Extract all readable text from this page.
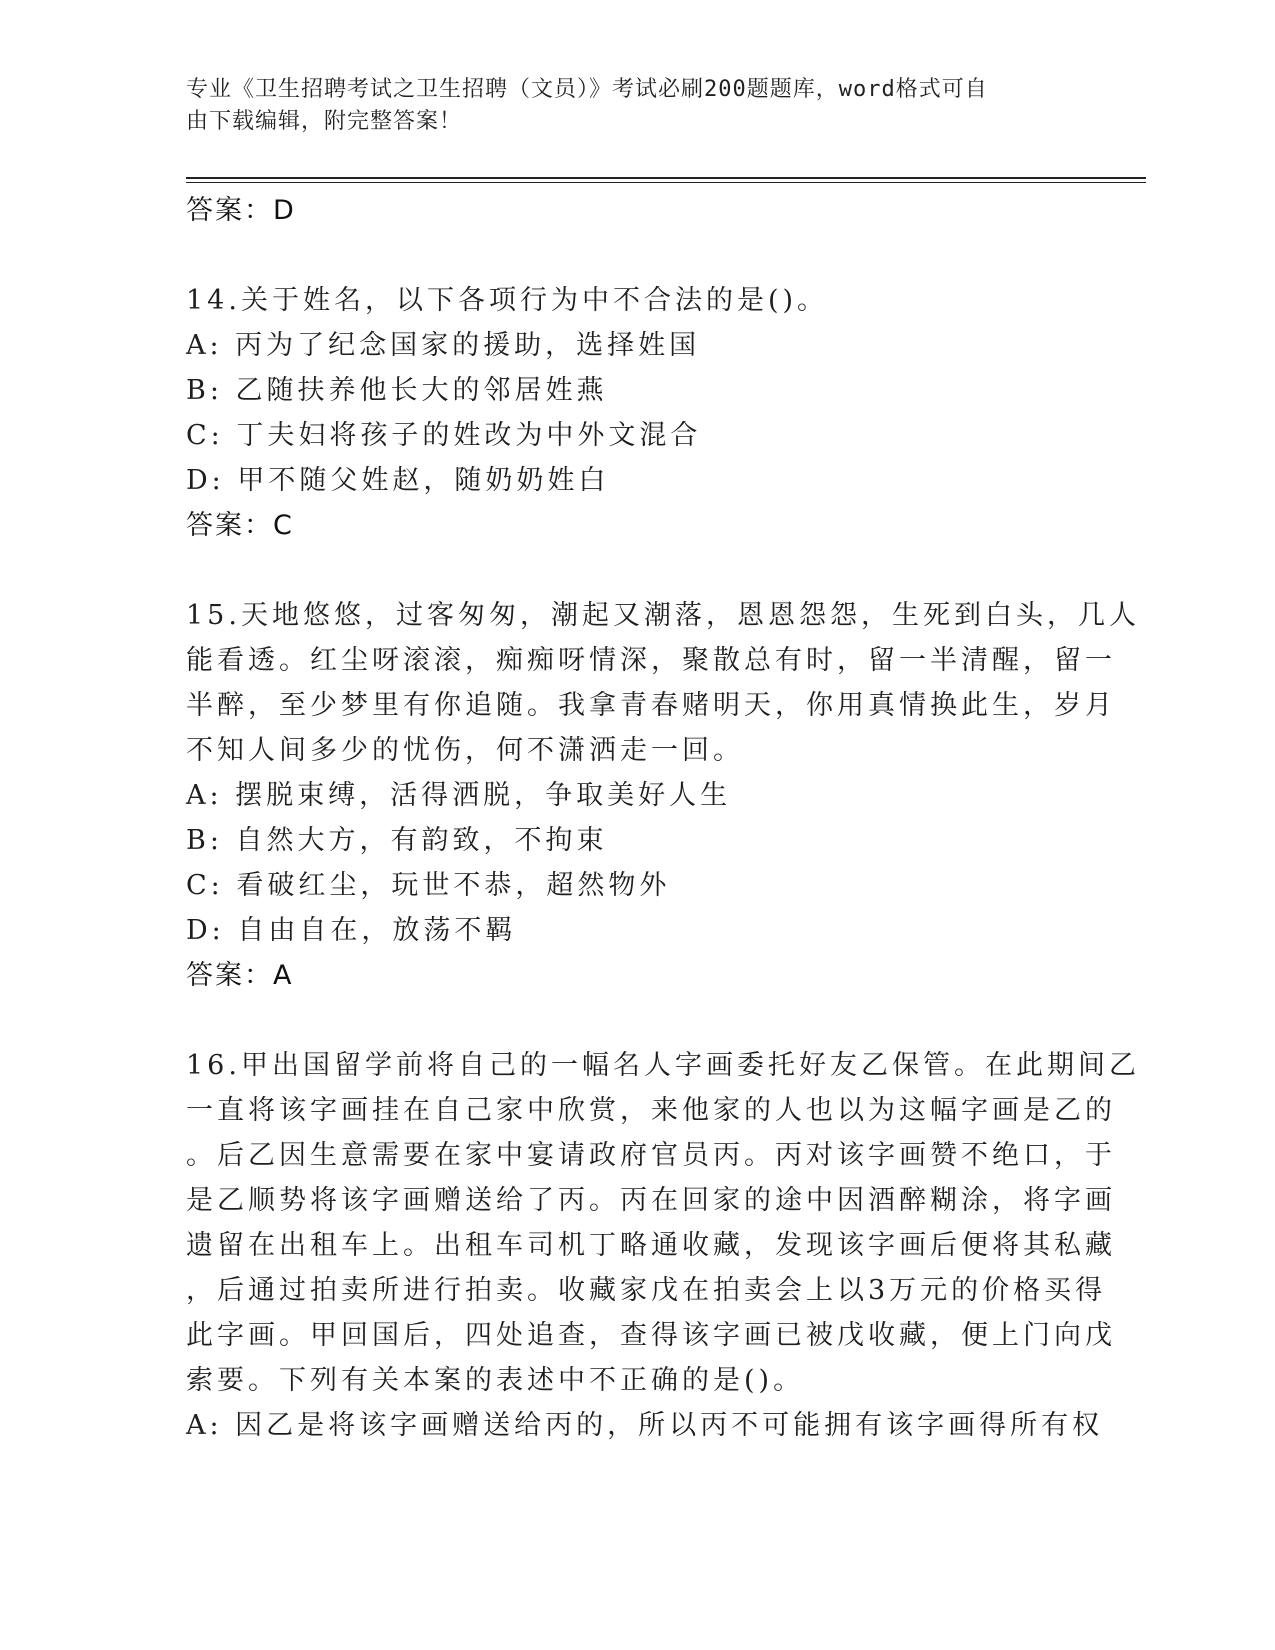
专业《卫生招聘考试之卫生招聘（文员）》考试必刷200题题库，word格式可自
由下载编辑，附完整答案！
答案：D
14.关于姓名，以下各项行为中不合法的是()。
A: 丙为了纪念国家的援助，选择姓国
B: 乙随扶养他长大的邻居姓燕
C: 丁夫妇将孩子的姓改为中外文混合
D: 甲不随父姓赵，随奶奶姓白
答案：C
15.天地悠悠，过客匆匆，潮起又潮落，恩恩怨怨，生死到白头，几人
能看透。红尘呀滚滚，痴痴呀情深，聚散总有时，留一半清醒，留一
半醉，至少梦里有你追随。我拿青春赌明天，你用真情换此生，岁月
不知人间多少的忧伤，何不潇洒走一回。
A: 摆脱束缚，活得洒脱，争取美好人生
B: 自然大方，有韵致，不拘束
C: 看破红尘，玩世不恭，超然物外
D: 自由自在，放荡不羁
答案：A
16.甲出国留学前将自己的一幅名人字画委托好友乙保管。在此期间乙
一直将该字画挂在自己家中欣赏，来他家的人也以为这幅字画是乙的
。后乙因生意需要在家中宴请政府官员丙。丙对该字画赞不绝口，于
是乙顺势将该字画赠送给了丙。丙在回家的途中因酒醉糊涂，将字画
遗留在出租车上。出租车司机丁略通收藏，发现该字画后便将其私藏
，后通过拍卖所进行拍卖。收藏家戊在拍卖会上以3万元的价格买得
此字画。甲回国后，四处追查，查得该字画已被戊收藏，便上门向戊
索要。下列有关本案的表述中不正确的是()。
A: 因乙是将该字画赠送给丙的，所以丙不可能拥有该字画得所有权
